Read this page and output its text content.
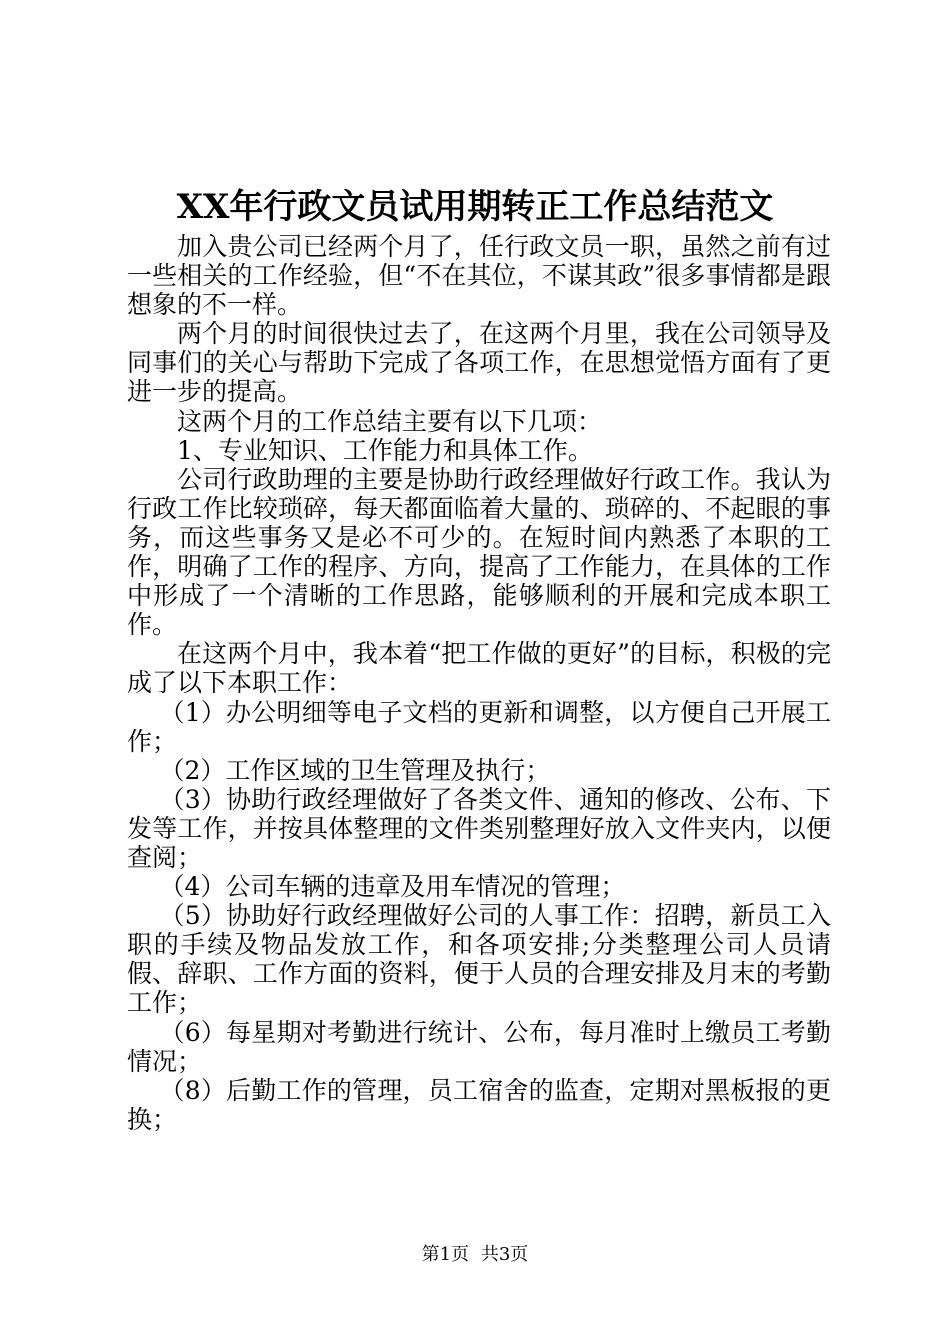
XX年行政文员试用期转正工作总结范文

加入贵公司已经两个月了，任行政文员一职，虽然之前有过一些相关的工作经验，但“不在其位，不谋其政”很多事情都是跟想象的不一样。

两个月的时间很快过去了，在这两个月里，我在公司领导及同事们的关心与帮助下完成了各项工作，在思想觉悟方面有了更进一步的提高。

这两个月的工作总结主要有以下几项：

1、专业知识、工作能力和具体工作。

公司行政助理的主要是协助行政经理做好行政工作。我认为行政工作比较琐碎，每天都面临着大量的、琐碎的、不起眼的事务，而这些事务又是必不可少的。在短时间内熟悉了本职的工作，明确了工作的程序、方向，提高了工作能力，在具体的工作中形成了一个清晰的工作思路，能够顺利的开展和完成本职工作。

在这两个月中，我本着“把工作做的更好”的目标，积极的完成了以下本职工作：

（1）办公明细等电子文档的更新和调整，以方便自己开展工作；

（2）工作区域的卫生管理及执行；

（3）协助行政经理做好了各类文件、通知的修改、公布、下发等工作，并按具体整理的文件类别整理好放入文件夹内，以便查阅；

（4）公司车辆的违章及用车情况的管理；

（5）协助好行政经理做好公司的人事工作：招聘，新员工入职的手续及物品发放工作，和各项安排;分类整理公司人员请假、辞职、工作方面的资料，便于人员的合理安排及月末的考勤工作；

（6）每星期对考勤进行统计、公布，每月准时上缴员工考勤情况；

（8）后勤工作的管理，员工宿舍的监查，定期对黑板报的更换；

第1页 共3页
